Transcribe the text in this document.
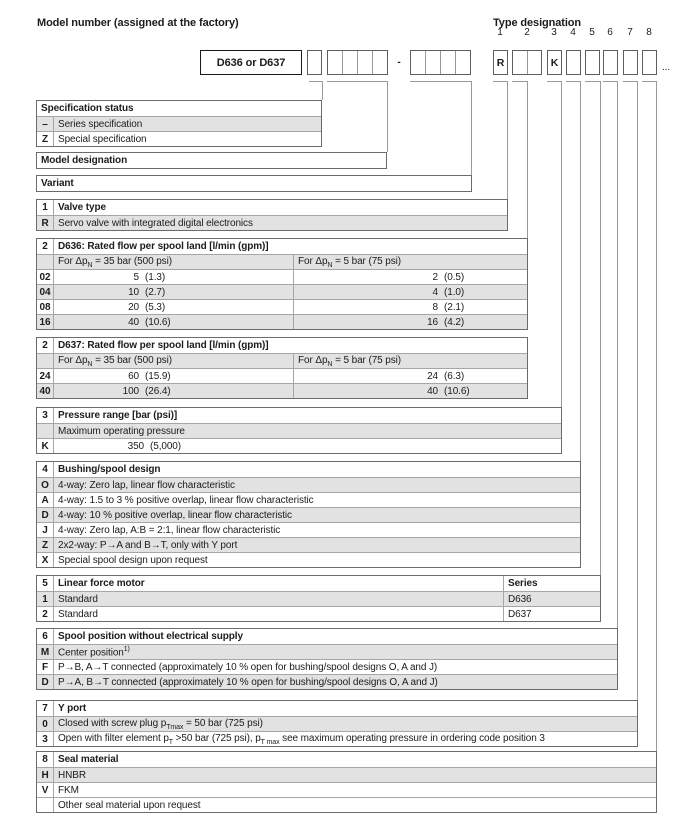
Model number (assigned at the factory)	Type designation
1	2	3	4	5	6	7	8
D636 or D637	-	R	K	...
Specification status
–	Series specification
Z	Special specification
Model designation
Variant
1	Valve type
R Servo valve with integrated digital electronics
2	D636: Rated flow per spool land [l/min (gpm)]
For $\Delta p_N = 35$ bar (500 psi)	For $\Delta p_N = 5$ bar (75 psi)
02	5 (1.3)	2 (0.5)
04	10 (2.7)	4 (1.0)
08	20 (5.3)	8 (2.1)
16	40 (10.6)	16 (4.2)
2	D637: Rated flow per spool land [l/min (gpm)]
For $\Delta p_N = 35$ bar (500 psi)	For $\Delta p_N = 5$ bar (75 psi)
24	60 (15.9)	24 (6.3)
40	100 (26.4)	40 (10.6)
3	Pressure range [bar (psi)]
Maximum operating pressure
K	350 (5,000)
4	Bushing/spool design
O 4-way: Zero lap, linear flow characteristic
A 4-way: 1.5 to 3 % positive overlap, linear flow characteristic
D 4-way: 10 % positive overlap, linear flow characteristic
J	4-way: Zero lap, A:B = 2:1, linear flow characteristic
Z	2x2-way: P→A and B→T, only with Y port
X Special spool design upon request
5	Linear force motor	Series
1	Standard	D636
2	Standard	D637
6	Spool position without electrical supply
M Center position$^{1)}$
F	P→B, A→T connected (approximately 10 % open for bushing/spool designs O, A and J)
D P→A, B→T connected (approximately 10 % open for bushing/spool designs O, A and J)
7	Y port
0	Closed with screw plug $p_{Tmax} = 50$ bar (725 psi)
3	Open with filter element $p_T >50$ bar (725 psi), $p_{T max}$ see maximum operating pressure in ordering code position 3
8	Seal material
H HNBR
V FKM
Other seal material upon request
